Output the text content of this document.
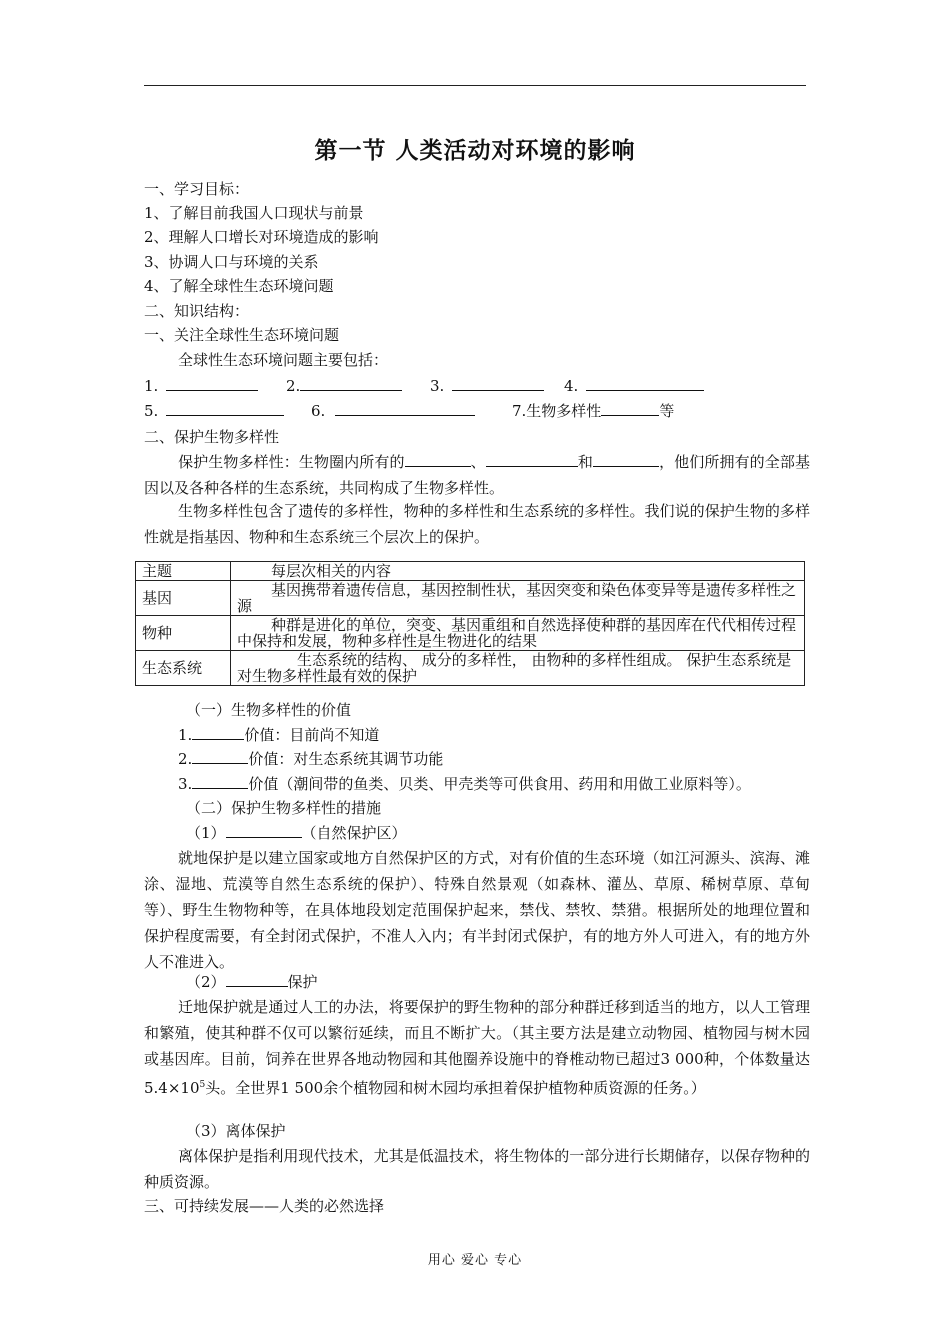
第一节 人类活动对环境的影响
一、学习目标：
1、了解目前我国人口现状与前景
2、理解人口增长对环境造成的影响
3、协调人口与环境的关系
4、了解全球性生态环境问题
二、知识结构：
一、关注全球性生态环境问题
全球性生态环境问题主要包括：
1.	2.	3.	4.
5.	6.	7.生物多样性	等
二、保护生物多样性
保护生物多样性：生物圈内所有的	、	和	，他们所拥有的全部基因以及各种各样的生态系统，共同构成了生物多样性。
生物多样性包含了遗传的多样性，物种的多样性和生态系统的多样性。我们说的保护生物的多样性就是指基因、物种和生态系统三个层次上的保护。
主题	每层次相关的内容
基因	基因携带着遗传信息，基因控制性状，基因突变和染色体变异等是遗传多样性之源
物种	种群是进化的单位，突变、基因重组和自然选择使种群的基因库在代代相传过程中保持和发展，物种多样性是生物进化的结果
生态系统	生态系统的结构、 成分的多样性， 由物种的多样性组成。 保护生态系统是对生物多样性最有效的保护
（一）生物多样性的价值
1.	价值：目前尚不知道
2.	价值：对生态系统其调节功能
3.	价值（潮间带的鱼类、贝类、甲壳类等可供食用、药用和用做工业原料等）。
（二）保护生物多样性的措施
（1）	（自然保护区）
就地保护是以建立国家或地方自然保护区的方式，对有价值的生态环境（如江河源头、滨海、滩涂、湿地、荒漠等自然生态系统的保护）、特殊自然景观（如森林、灌丛、草原、稀树草原、草甸等）、野生生物物种等，在具体地段划定范围保护起来，禁伐、禁牧、禁猎。根据所处的地理位置和保护程度需要，有全封闭式保护，不准人入内；有半封闭式保护，有的地方外人可进入，有的地方外人不准进入。
（2）	保护
迁地保护就是通过人工的办法，将要保护的野生物种的部分种群迁移到适当的地方，以人工管理和繁殖，使其种群不仅可以繁衍延续，而且不断扩大。（其主要方法是建立动物园、植物园与树木园或基因库。目前，饲养在世界各地动物园和其他圈养设施中的脊椎动物已超过3 000种，个体数量达$5.4\times 10^5$头。全世界1 500余个植物园和树木园均承担着保护植物种质资源的任务。）
（3）离体保护
离体保护是指利用现代技术，尤其是低温技术，将生物体的一部分进行长期储存，以保存物种的种质资源。
三、可持续发展——人类的必然选择
用心 爱心 专心
